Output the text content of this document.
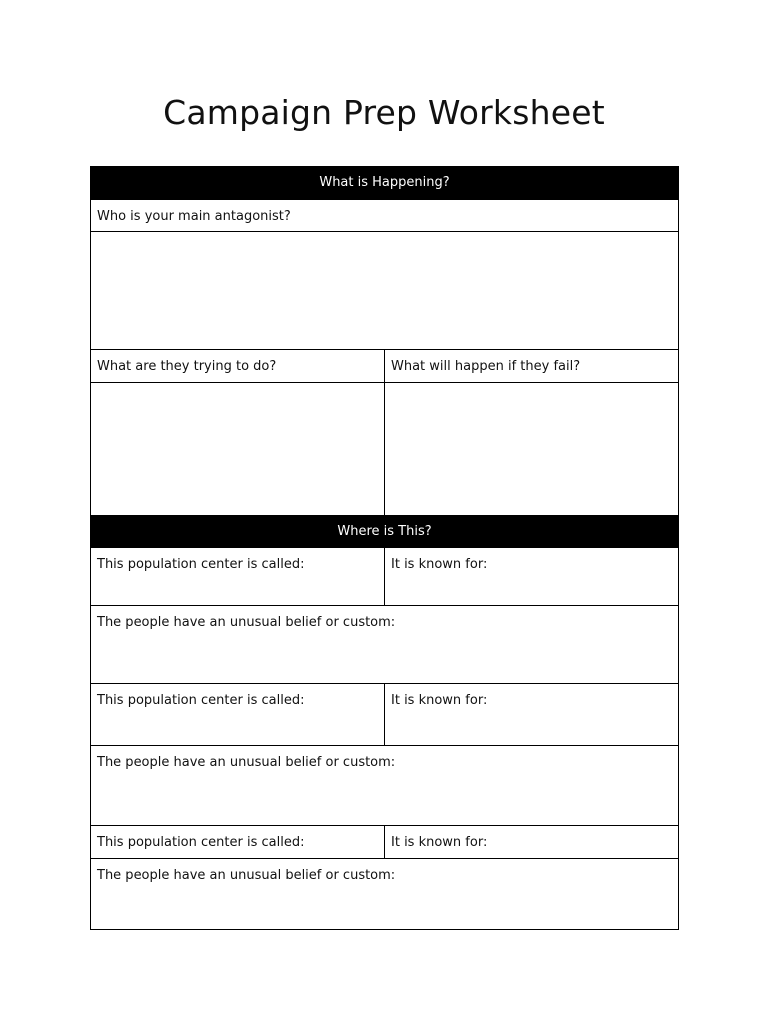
Campaign Prep Worksheet
What is Happening?
Who is your main antagonist?
What are they trying to do?	What will happen if they fail?
Where is This?
This population center is called:	It is known for:
The people have an unusual belief or custom:
This population center is called:	It is known for:
The people have an unusual belief or custom:
This population center is called:	It is known for:
The people have an unusual belief or custom:
